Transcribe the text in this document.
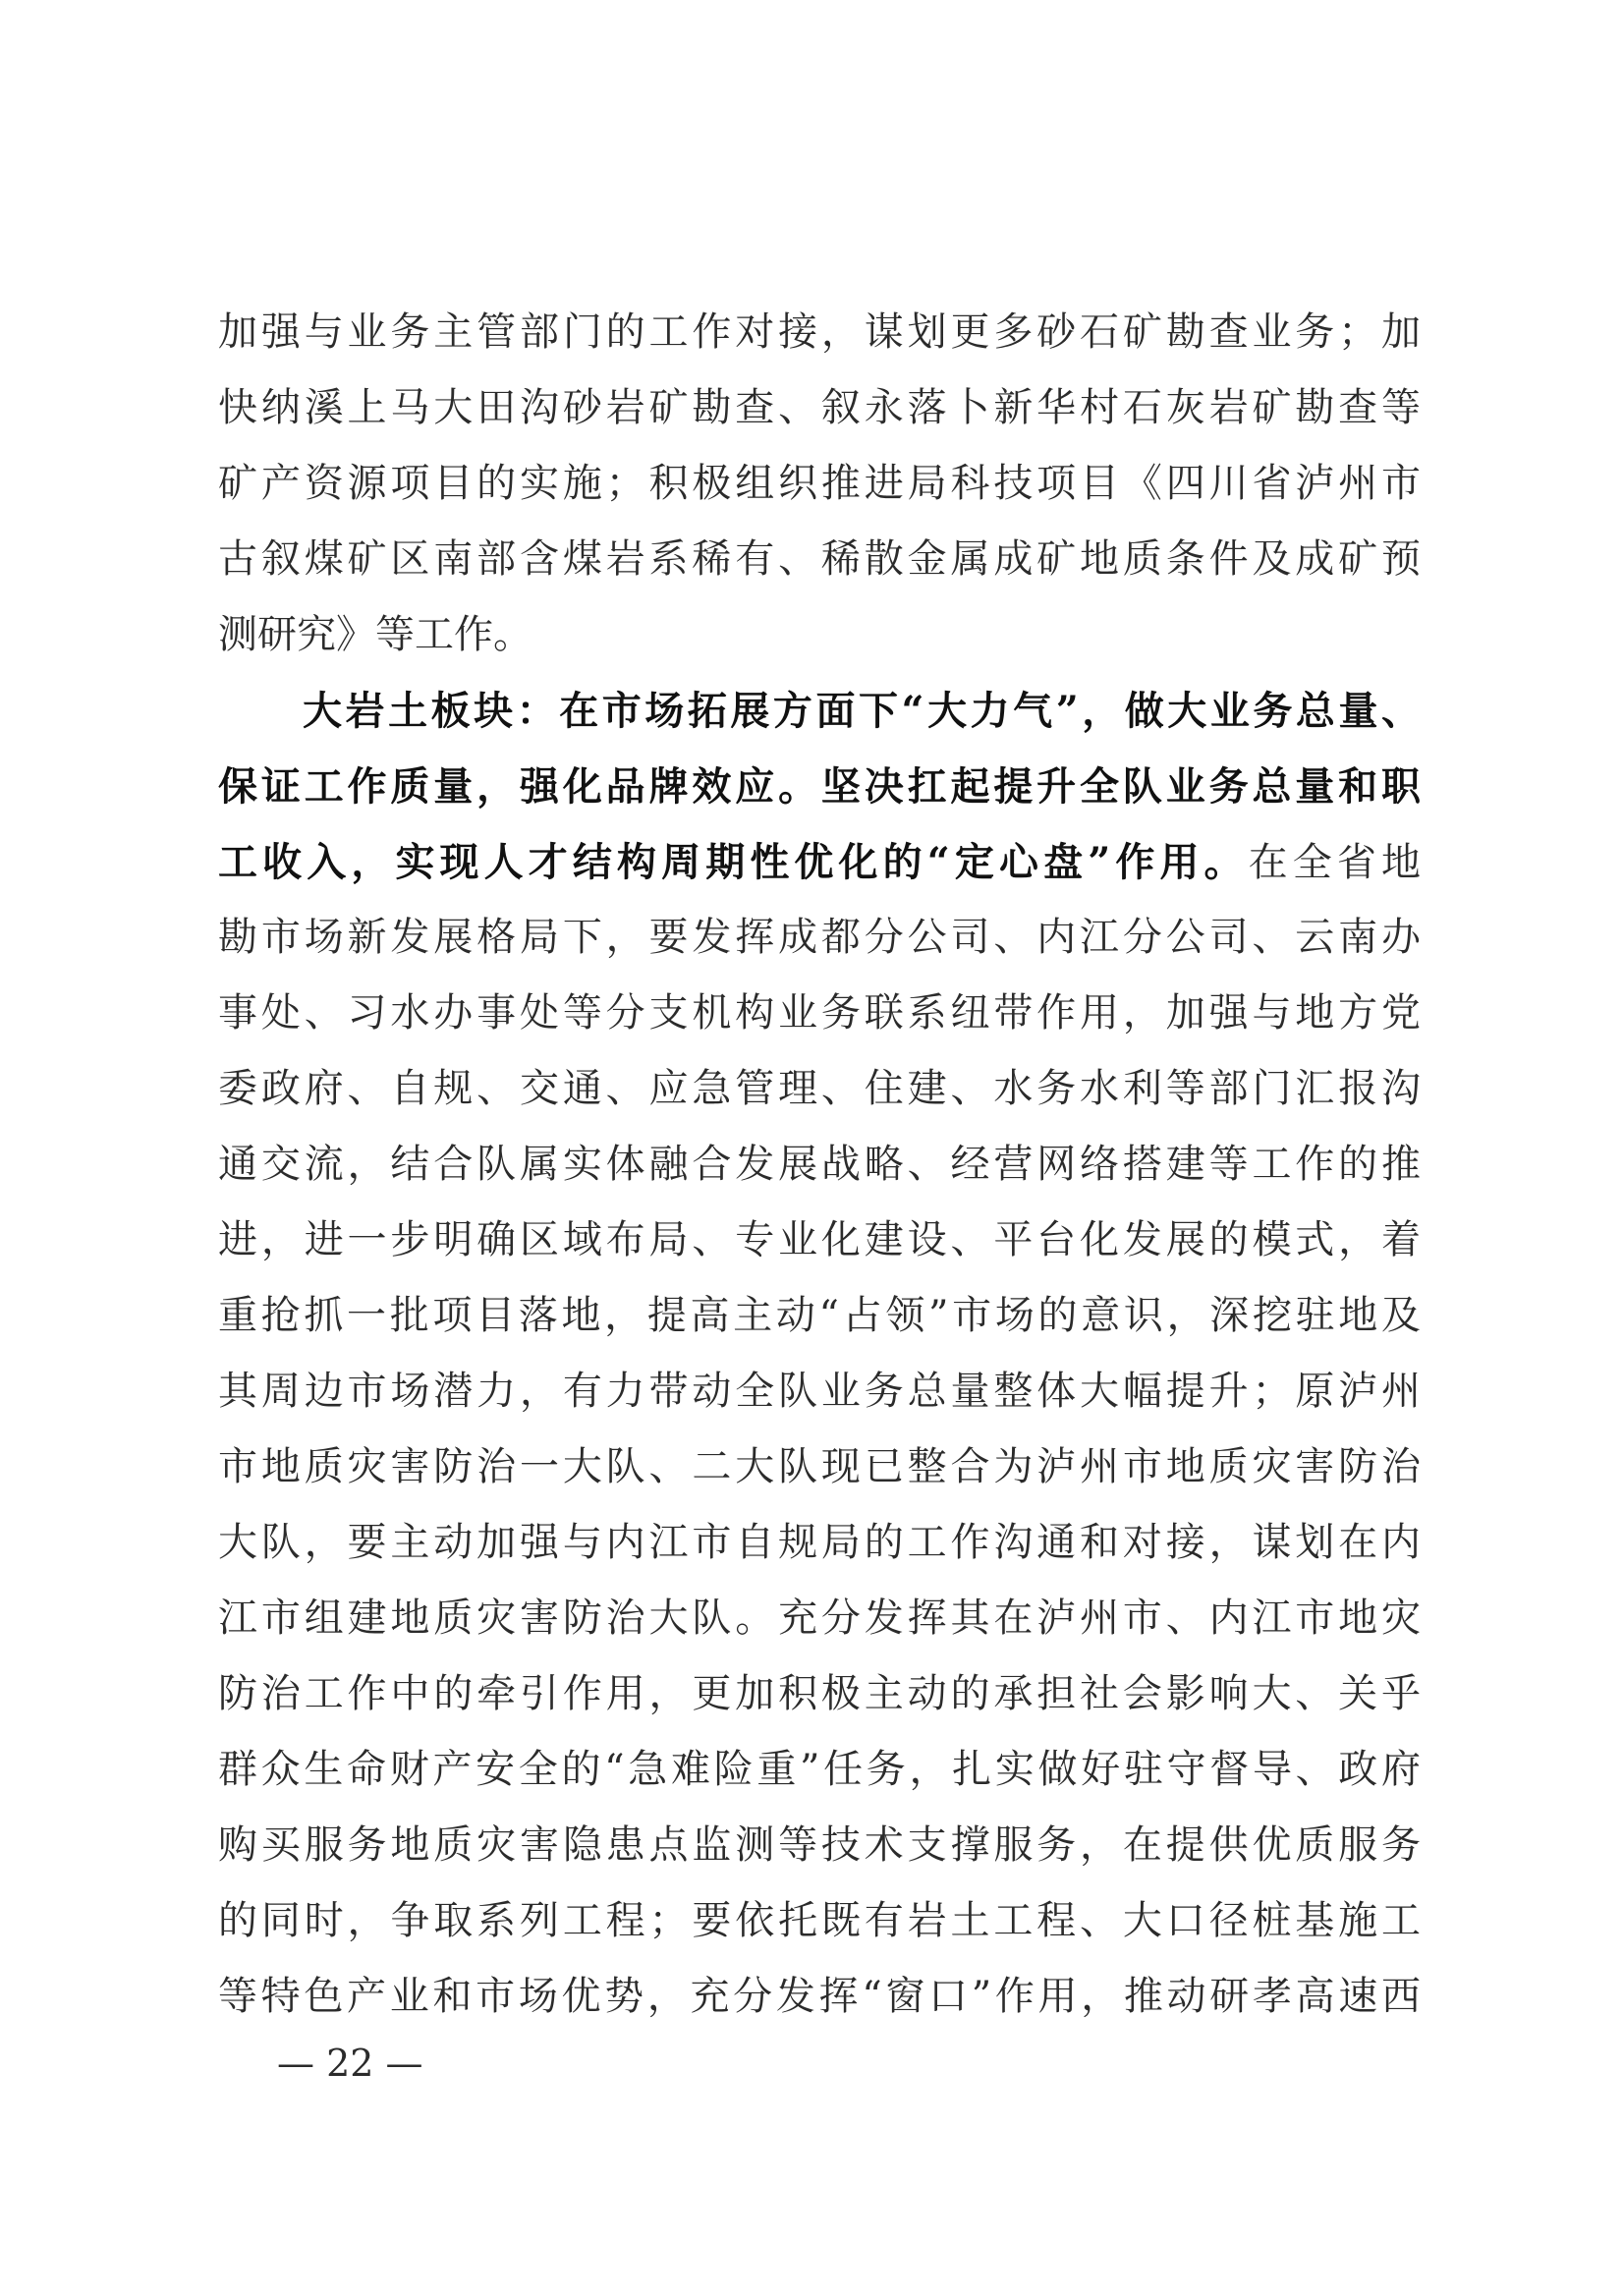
加强与业务主管部门的工作对接，谋划更多砂石矿勘查业务；加
快纳溪上马大田沟砂岩矿勘查、叙永落卜新华村石灰岩矿勘查等
矿产资源项目的实施；积极组织推进局科技项目《四川省泸州市
古叙煤矿区南部含煤岩系稀有、稀散金属成矿地质条件及成矿预
测研究》等工作。
大岩土板块：在市场拓展方面下“大力气”，做大业务总量、
保证工作质量，强化品牌效应。坚决扛起提升全队业务总量和职
工收入，实现人才结构周期性优化的“定心盘”作用。在全省地
勘市场新发展格局下，要发挥成都分公司、内江分公司、云南办
事处、习水办事处等分支机构业务联系纽带作用，加强与地方党
委政府、自规、交通、应急管理、住建、水务水利等部门汇报沟
通交流，结合队属实体融合发展战略、经营网络搭建等工作的推
进，进一步明确区域布局、专业化建设、平台化发展的模式，着
重抢抓一批项目落地，提高主动“占领”市场的意识，深挖驻地及
其周边市场潜力，有力带动全队业务总量整体大幅提升；原泸州
市地质灾害防治一大队、二大队现已整合为泸州市地质灾害防治
大队，要主动加强与内江市自规局的工作沟通和对接，谋划在内
江市组建地质灾害防治大队。充分发挥其在泸州市、内江市地灾
防治工作中的牵引作用，更加积极主动的承担社会影响大、关乎
群众生命财产安全的“急难险重”任务，扎实做好驻守督导、政府
购买服务地质灾害隐患点监测等技术支撑服务，在提供优质服务
的同时，争取系列工程；要依托既有岩土工程、大口径桩基施工
等特色产业和市场优势，充分发挥“窗口”作用，推动研孝高速西
— 22 —
